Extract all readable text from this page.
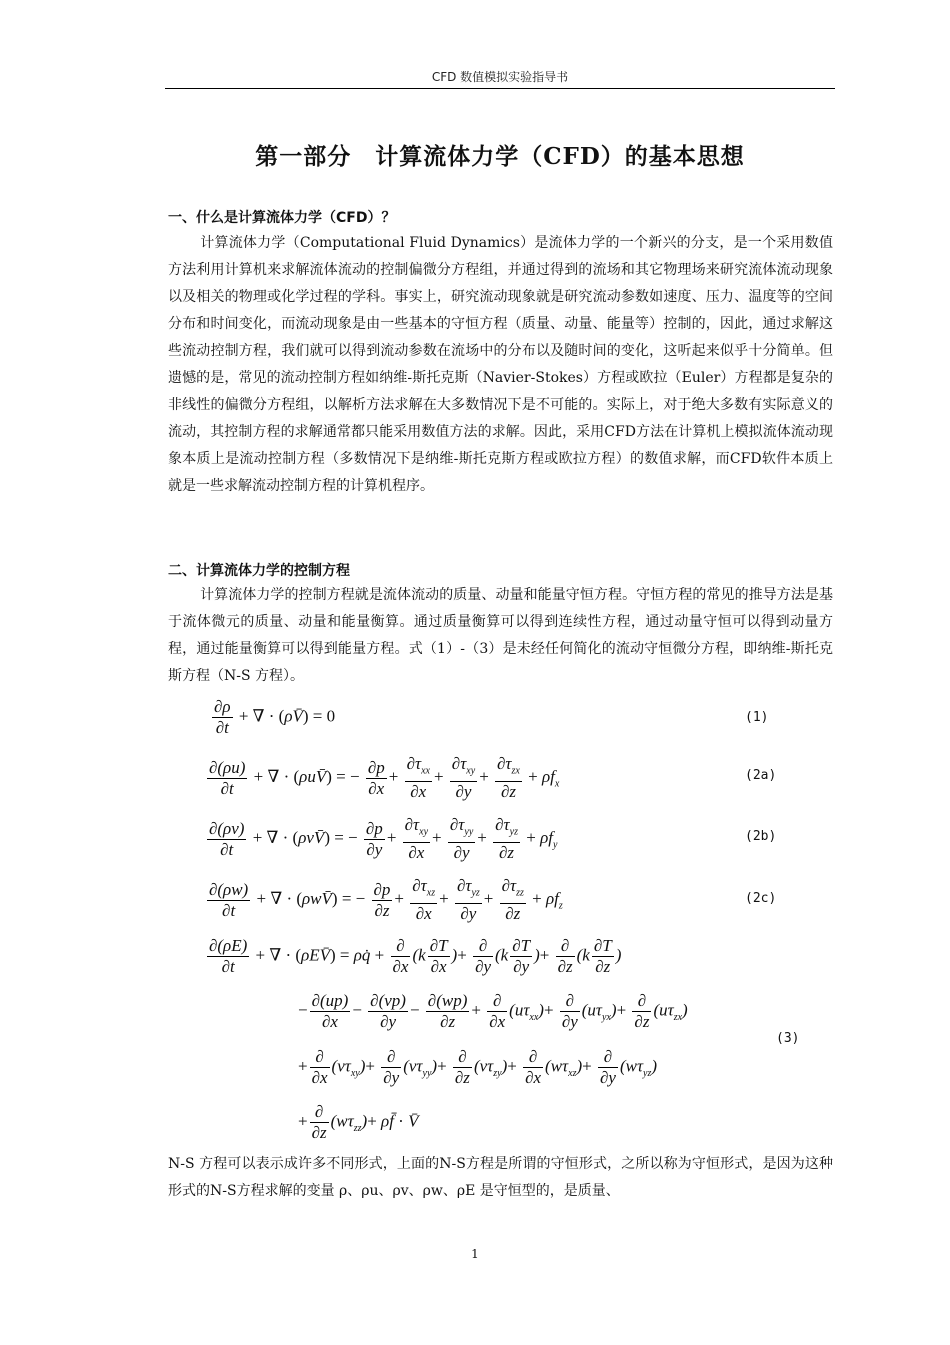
CFD 数值模拟实验指导书
第一部分　计算流体力学（CFD）的基本思想
一、什么是计算流体力学（CFD）？

计算流体力学（Computational Fluid Dynamics）是流体力学的一个新兴的分支，是一个采用数值方法利用计算机来求解流体流动的控制偏微分方程组，并通过得到的流场和其它物理场来研究流体流动现象以及相关的物理或化学过程的学科。事实上，研究流动现象就是研究流动参数如速度、压力、温度等的空间分布和时间变化，而流动现象是由一些基本的守恒方程（质量、动量、能量等）控制的，因此，通过求解这些流动控制方程，我们就可以得到流动参数在流场中的分布以及随时间的变化，这听起来似乎十分简单。但遗憾的是，常见的流动控制方程如纳维-斯托克斯（Navier-Stokes）方程或欧拉（Euler）方程都是复杂的非线性的偏微分方程组，以解析方法求解在大多数情况下是不可能的。实际上，对于绝大多数有实际意义的流动，其控制方程的求解通常都只能采用数值方法的求解。因此，采用CFD方法在计算机上模拟流体流动现象本质上是流动控制方程（多数情况下是纳维-斯托克斯方程或欧拉方程）的数值求解，而CFD软件本质上就是一些求解流动控制方程的计算机程序。

二、计算流体力学的控制方程

计算流体力学的控制方程就是流体流动的质量、动量和能量守恒方程。守恒方程的常见的推导方法是基于流体微元的质量、动量和能量衡算。通过质量衡算可以得到连续性方程，通过动量守恒可以得到动量方程，通过能量衡算可以得到能量方程。式（1）-（3）是未经任何简化的流动守恒微分方程，即纳维-斯托克斯方程（N-S 方程）。

$\frac{\partial\rho}{\partial t}$ + ∇ · (ρV̄) = 0	(1)
$\frac{\partial(\rho u)}{\partial t}$ + ∇ · (ρuV̄) = − $\frac{\partial p}{\partial x} + \frac{\partial\tau_{xx}}{\partial x} + \frac{\partial\tau_{xy}}{\partial y} + \frac{\partial\tau_{zx}}{\partial z} + \rho f_x$
(2a)
$\frac{\partial(\rho v)}{\partial t}$ + ∇ · (ρvV̄) = − $\frac{\partial p}{\partial y} + \frac{\partial\tau_{xy}}{\partial x} + \frac{\partial\tau_{yy}}{\partial y} + \frac{\partial\tau_{yz}}{\partial z} + \rho f_y$
(2b)
$\frac{\partial(\rho w)}{\partial t}$ + ∇ · (ρwV̄) = − $\frac{\partial p}{\partial z} + \frac{\partial\tau_{xz}}{\partial x} + \frac{\partial\tau_{yz}}{\partial y} + \frac{\partial\tau_{zz}}{\partial z} + \rho f_z$	(2c)
$\frac{\partial(\rho E)}{\partial t}$ + ∇ · (ρEV̄) = ρq̇ + $\frac{\partial}{\partial x} (k \frac{\partial T}{\partial x}$ )+ $\frac{\partial}{\partial y} (k \frac{\partial T}{\partial y}$ )+ $\frac{\partial}{\partial z} (k \frac{\partial T}{\partial z}$ )
− $\frac{\partial(up)}{\partial x} - \frac{\partial(vp)}{\partial y} - \frac{\partial(wp)}{\partial z} + \frac{\partial}{\partial x} (u\tau_{xx})+ \frac{\partial}{\partial y} (u\tau_{yx})+ \frac{\partial}{\partial z} (u\tau_{zx})$
+ $\frac{\partial}{\partial x} (v\tau_{xy})+ \frac{\partial}{\partial y} (v\tau_{yy})+ \frac{\partial}{\partial z} (v\tau_{zy})+ \frac{\partial}{\partial x} (w\tau_{xz})+ \frac{\partial}{\partial y} (w\tau_{yz})$
+ $\frac{\partial}{\partial z} (w\tau_{zz})+$ ρf̄ · V̄
(3)

N-S 方程可以表示成许多不同形式，上面的N-S方程是所谓的守恒形式，之所以称为守恒形式，是因为这种形式的N-S方程求解的变量 ρ、ρu、ρv、ρw、ρE 是守恒型的，是质量、

1
